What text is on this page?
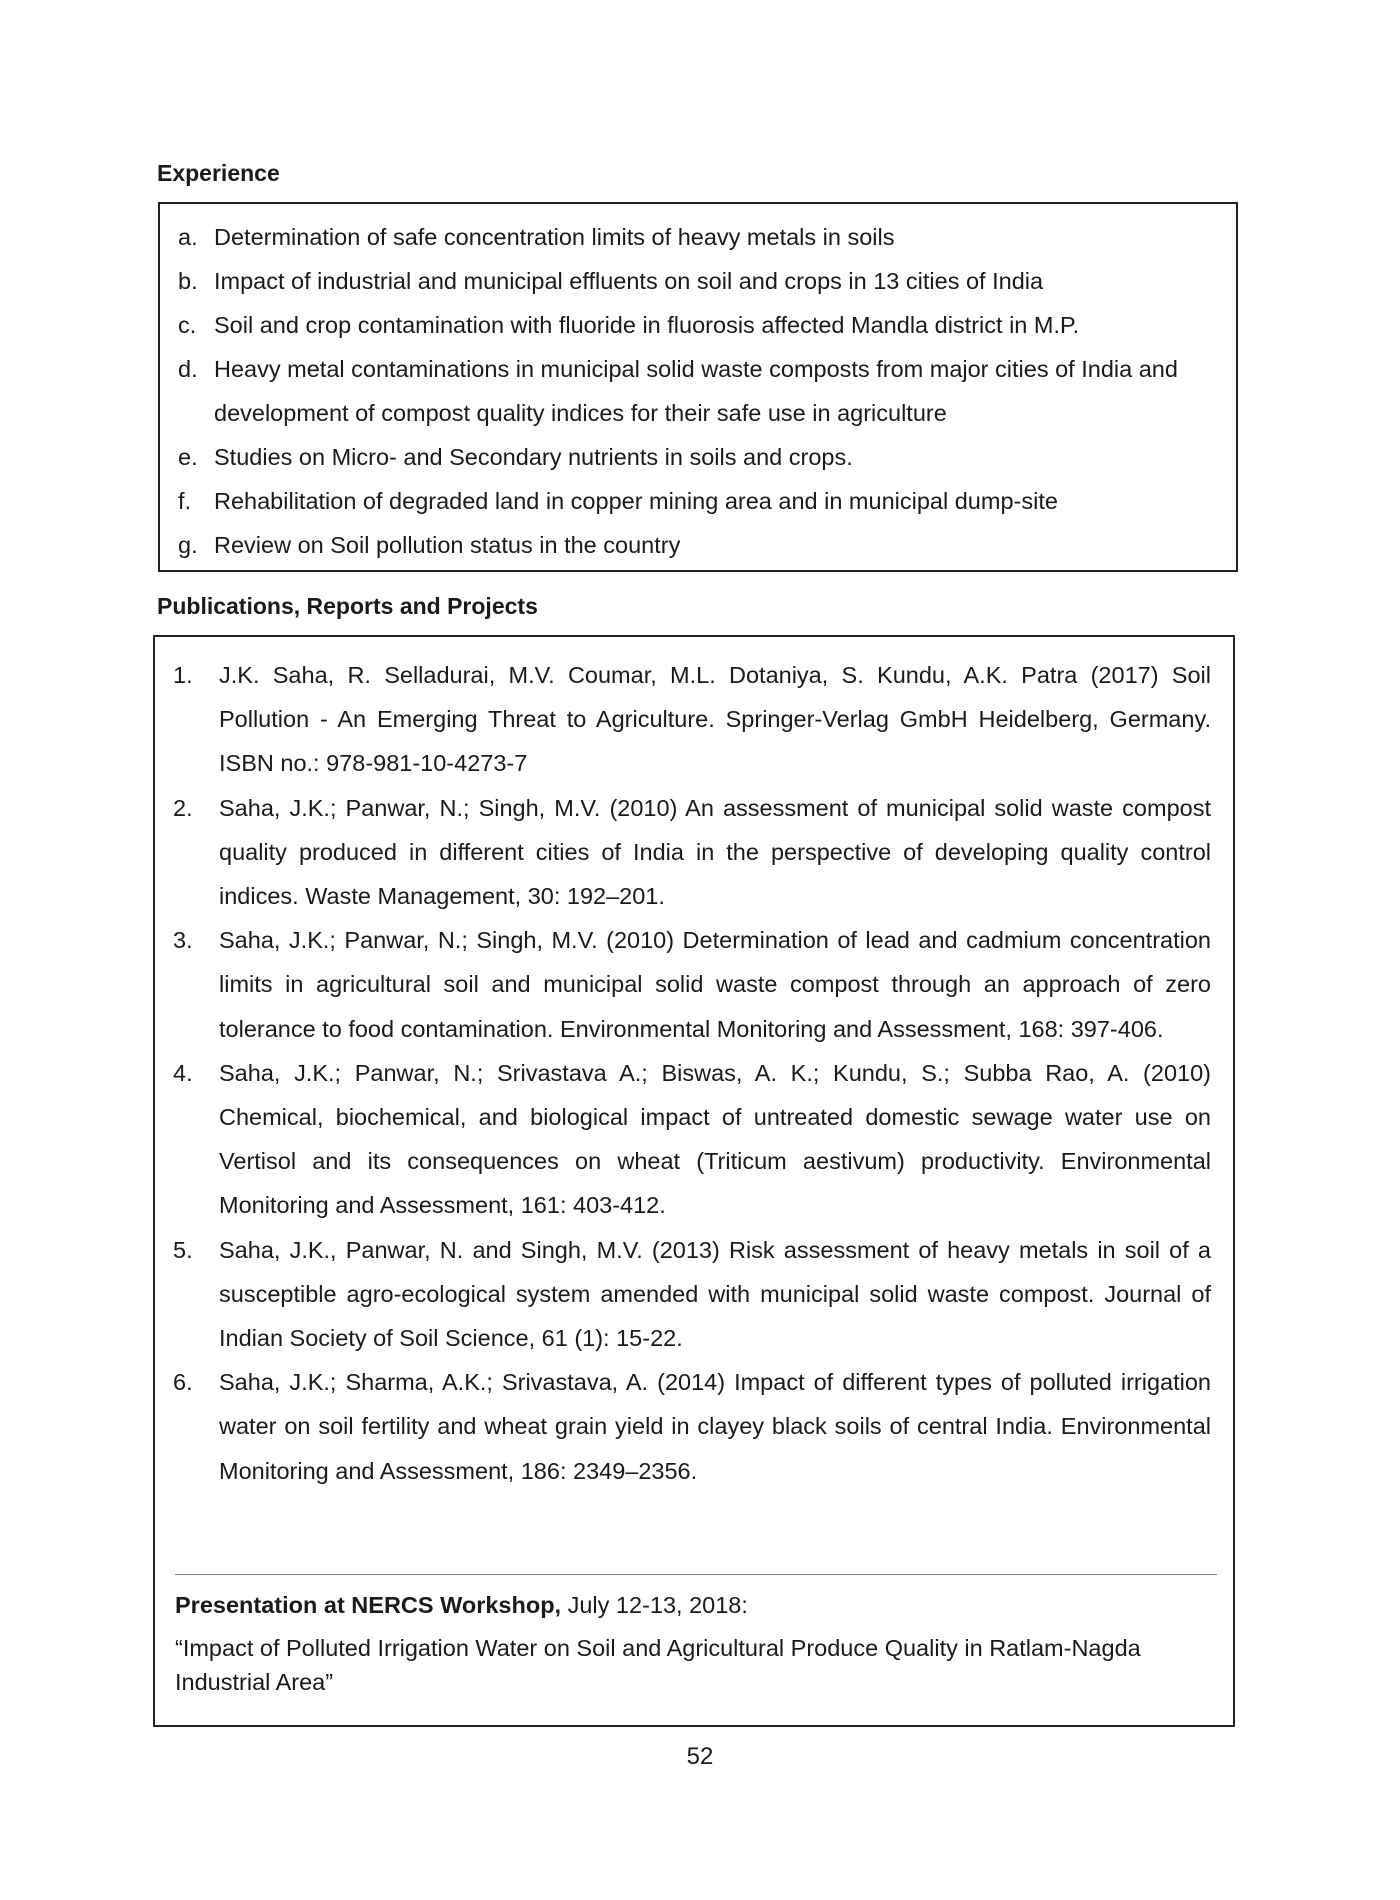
Experience
a. Determination of safe concentration limits of heavy metals in soils
b. Impact of industrial and municipal effluents on soil and crops in 13 cities of India
c. Soil and crop contamination with fluoride in fluorosis affected Mandla district in M.P.
d. Heavy metal contaminations in municipal solid waste composts from major cities of India and development of compost quality indices for their safe use in agriculture
e. Studies on Micro- and Secondary nutrients in soils and crops.
f. Rehabilitation of degraded land in copper mining area and in municipal dump-site
g. Review on Soil pollution status in the country
Publications, Reports and Projects
1.	J.K. Saha, R. Selladurai, M.V. Coumar, M.L. Dotaniya, S. Kundu, A.K. Patra (2017) Soil Pollution - An Emerging Threat to Agriculture. Springer-Verlag GmbH Heidelberg, Germany. ISBN no.: 978-981-10-4273-7
2.	Saha, J.K.; Panwar, N.; Singh, M.V. (2010) An assessment of municipal solid waste compost quality produced in different cities of India in the perspective of developing quality control indices. Waste Management, 30: 192–201.
3.	Saha, J.K.; Panwar, N.; Singh, M.V. (2010) Determination of lead and cadmium concentration limits in agricultural soil and municipal solid waste compost through an approach of zero tolerance to food contamination. Environmental Monitoring and Assessment, 168: 397-406.
4.	Saha, J.K.; Panwar, N.; Srivastava A.; Biswas, A. K.; Kundu, S.; Subba Rao, A. (2010) Chemical, biochemical, and biological impact of untreated domestic sewage water use on Vertisol and its consequences on wheat (Triticum aestivum) productivity. Environmental Monitoring and Assessment, 161: 403-412.
5.	Saha, J.K., Panwar, N. and Singh, M.V. (2013) Risk assessment of heavy metals in soil of a susceptible agro-ecological system amended with municipal solid waste compost. Journal of Indian Society of Soil Science, 61 (1): 15-22.
6.	Saha, J.K.; Sharma, A.K.; Srivastava, A. (2014) Impact of different types of polluted irrigation water on soil fertility and wheat grain yield in clayey black soils of central India. Environmental Monitoring and Assessment, 186: 2349–2356.

Presentation at NERCS Workshop, July 12-13, 2018:

“Impact of Polluted Irrigation Water on Soil and Agricultural Produce Quality in Ratlam-Nagda Industrial Area”

52
